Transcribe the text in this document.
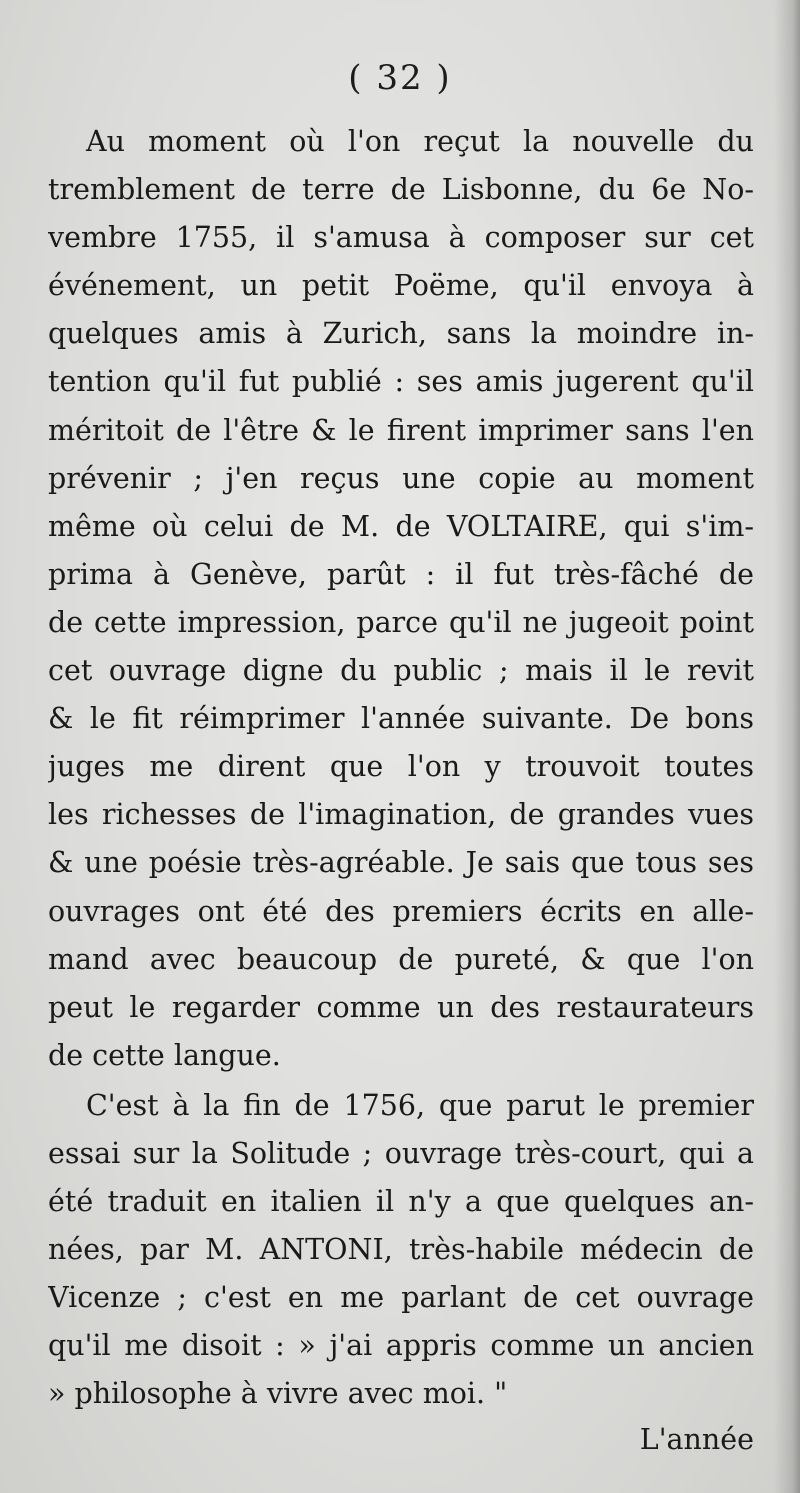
( 32 )
Au moment où l'on reçut la nouvelle du
tremblement de terre de Lisbonne, du 6e No-
vembre 1755, il s'amusa à composer sur cet
événement, un petit Poëme, qu'il envoya à
quelques amis à Zurich, sans la moindre in-
tention qu'il fut publié : ses amis jugerent qu'il
méritoit de l'être & le firent imprimer sans l'en
prévenir ; j'en reçus une copie au moment
même où celui de M. de VOLTAIRE, qui s'im-
prima à Genève, parût : il fut très-fâché de
de cette impression, parce qu'il ne jugeoit point
cet ouvrage digne du public ; mais il le revit
& le fit réimprimer l'année suivante. De bons
juges me dirent que l'on y trouvoit toutes
les richesses de l'imagination, de grandes vues
& une poésie très-agréable. Je sais que tous ses
ouvrages ont été des premiers écrits en alle-
mand avec beaucoup de pureté, & que l'on
peut le regarder comme un des restaurateurs
de cette langue.
C'est à la fin de 1756, que parut le premier
essai sur la Solitude ; ouvrage très-court, qui a
été traduit en italien il n'y a que quelques an-
nées, par M. ANTONI, très-habile médecin de
Vicenze ; c'est en me parlant de cet ouvrage
qu'il me disoit : » j'ai appris comme un ancien
» philosophe à vivre avec moi. "
L'année
